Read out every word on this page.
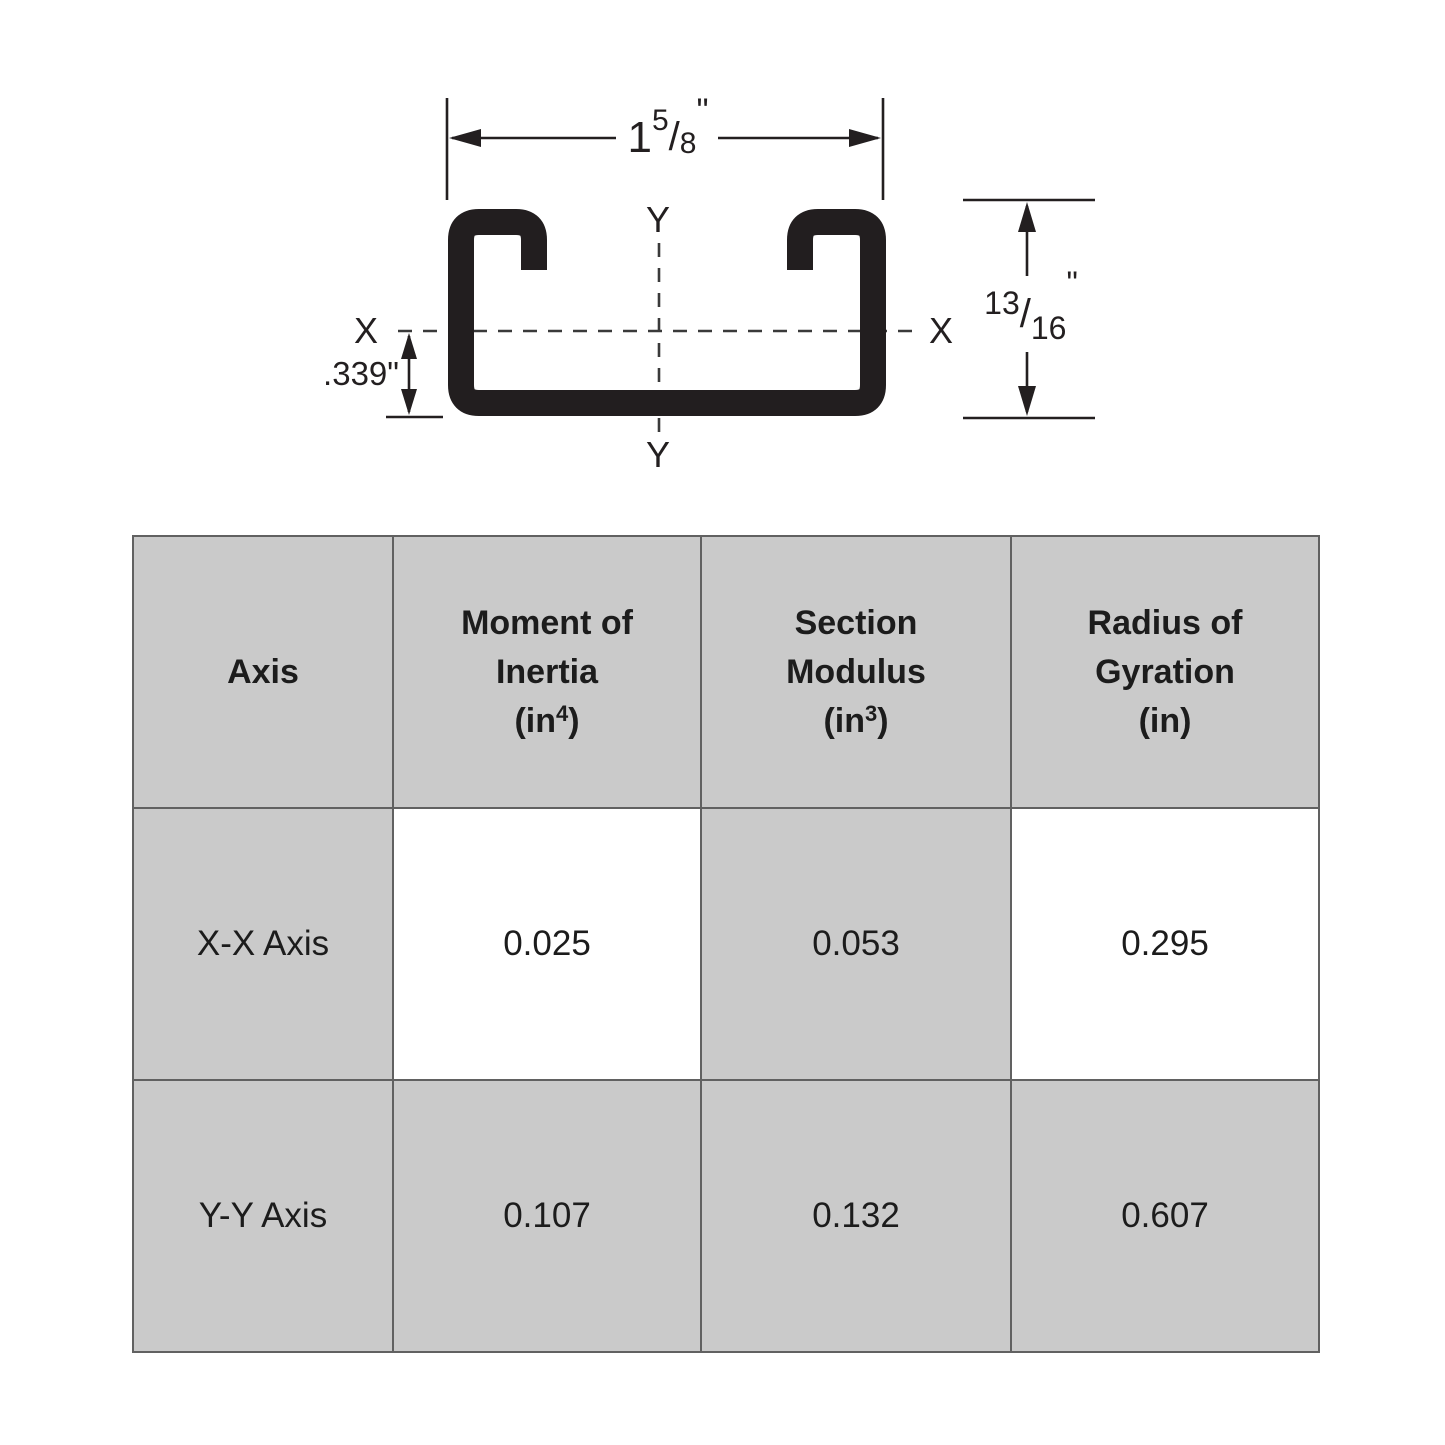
15/8"
13/16"
.339"
X	X
Y
Y
Axis

Moment of
Inertia
$(in^4)$

Section
Modulus
$(in^3)$

Radius of
Gyration
(in)

X-X Axis	0.025	0.053	0.295
Y-Y Axis	0.107	0.132	0.607
